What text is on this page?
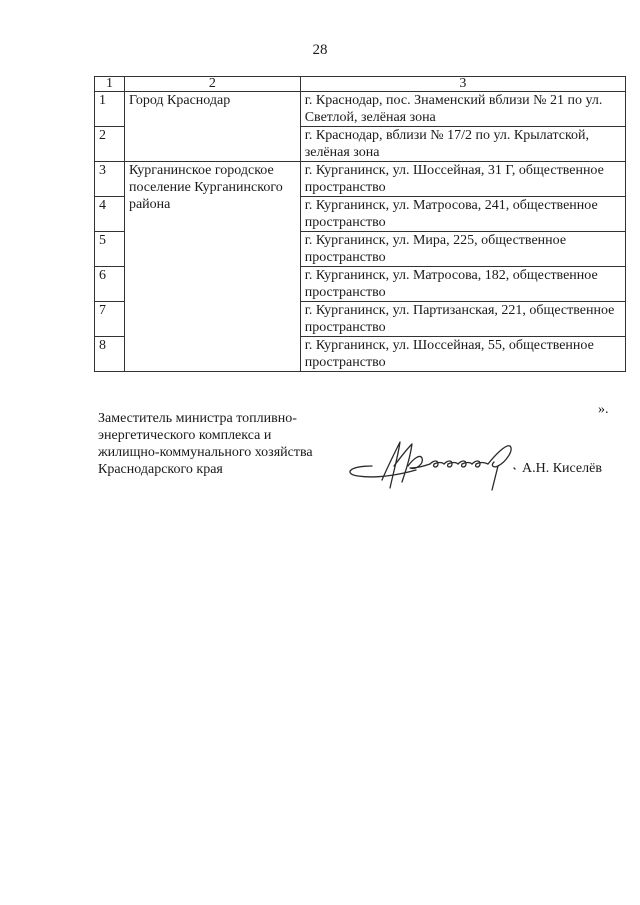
28
1	2	3
1	Город Краснодар	г. Краснодар, пос. Знаменский вблизи № 21 по ул. Светлой, зелёная зона
2		г. Краснодар, вблизи № 17/2 по ул. Крылатской, зелёная зона
3	Курганинское городское поселение Курганинского района	г. Курганинск, ул. Шоссейная, 31 Г, общественное пространство
4		г. Курганинск, ул. Матросова, 241, общественное пространство
5		г. Курганинск, ул. Мира, 225, общественное пространство
6		г. Курганинск, ул. Матросова, 182, общественное пространство
7		г. Курганинск, ул. Партизанская, 221, общественное пространство
8		г. Курганинск, ул. Шоссейная, 55, общественное пространство
».
Заместитель министра топливно-
энергетического комплекса и
жилищно-коммунального хозяйства
Краснодарского края	А.Н. Киселёв
